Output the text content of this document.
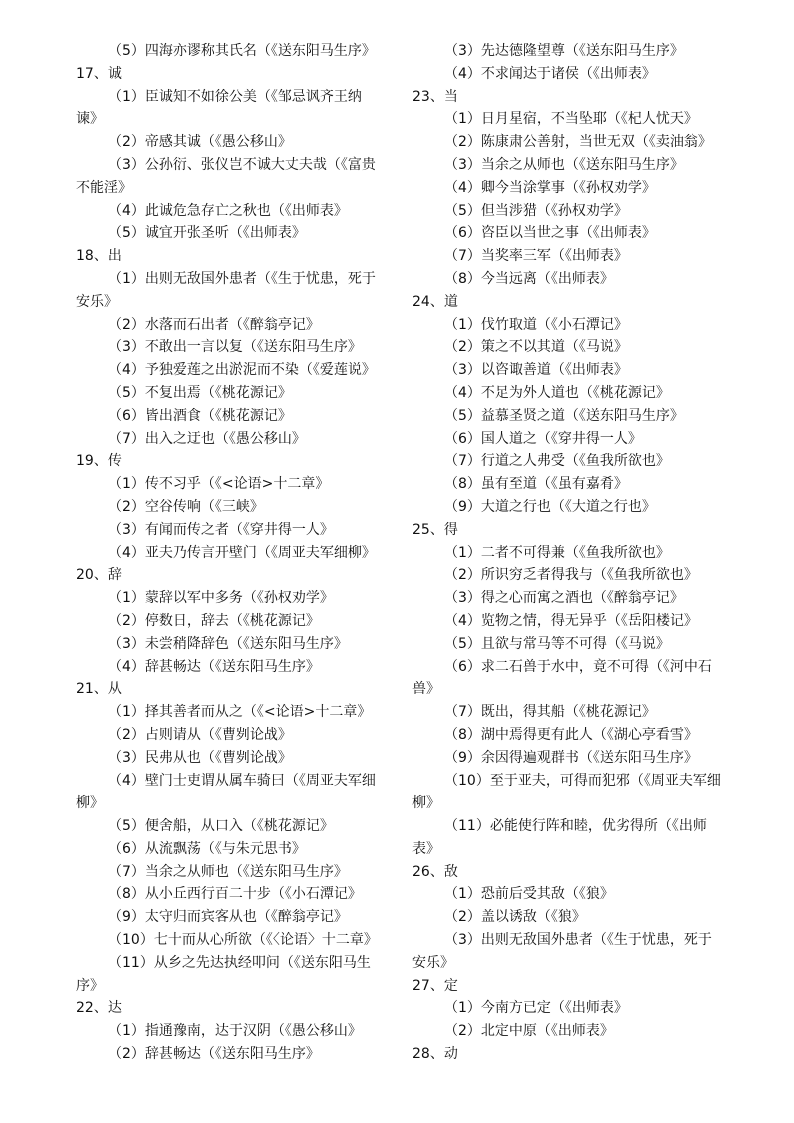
（5）四海亦谬称其氏名（《送东阳马生序》
17、诚
（1）臣诚知不如徐公美（《邹忌讽齐王纳
谏》
（2）帝感其诚（《愚公移山》
（3）公孙衍、张仪岂不诚大丈夫哉（《富贵
不能淫》
（4）此诚危急存亡之秋也（《出师表》
（5）诚宜开张圣听（《出师表》
18、出
（1）出则无敌国外患者（《生于忧患，死于
安乐》
（2）水落而石出者（《醉翁亭记》
（3）不敢出一言以复（《送东阳马生序》
（4）予独爱莲之出淤泥而不染（《爱莲说》
（5）不复出焉（《桃花源记》
（6）皆出酒食（《桃花源记》
（7）出入之迂也（《愚公移山》
19、传
（1）传不习乎（《<论语>十二章》
（2）空谷传响（《三峡》
（3）有闻而传之者（《穿井得一人》
（4）亚夫乃传言开壁门（《周亚夫军细柳》
20、辞
（1）蒙辞以军中多务（《孙权劝学》
（2）停数日，辞去（《桃花源记》
（3）未尝稍降辞色（《送东阳马生序》
（4）辞甚畅达（《送东阳马生序》
21、从
（1）择其善者而从之（《<论语>十二章》
（2）占则请从（《曹刿论战》
（3）民弗从也（《曹刿论战》
（4）壁门士吏谓从属车骑曰（《周亚夫军细
柳》
（5）便舍船，从口入（《桃花源记》
（6）从流飘荡（《与朱元思书》
（7）当余之从师也（《送东阳马生序》
（8）从小丘西行百二十步（《小石潭记》
（9）太守归而宾客从也（《醉翁亭记》
（10）七十而从心所欲（《〈论语〉十二章》
（11）从乡之先达执经叩问（《送东阳马生
序》
22、达
（1）指通豫南，达于汉阴（《愚公移山》
（2）辞甚畅达（《送东阳马生序》
（3）先达德隆望尊（《送东阳马生序》
（4）不求闻达于诸侯（《出师表》
23、当
（1）日月星宿，不当坠耶（《杞人忧天》
（2）陈康肃公善射，当世无双（《卖油翁》
（3）当余之从师也（《送东阳马生序》
（4）卿今当涂掌事（《孙权劝学》
（5）但当涉猎（《孙权劝学》
（6）咨臣以当世之事（《出师表》
（7）当奖率三军（《出师表》
（8）今当远离（《出师表》
24、道
（1）伐竹取道（《小石潭记》
（2）策之不以其道（《马说》
（3）以咨诹善道（《出师表》
（4）不足为外人道也（《桃花源记》
（5）益慕圣贤之道（《送东阳马生序》
（6）国人道之（《穿井得一人》
（7）行道之人弗受（《鱼我所欲也》
（8）虽有至道（《虽有嘉肴》
（9）大道之行也（《大道之行也》
25、得
（1）二者不可得兼（《鱼我所欲也》
（2）所识穷乏者得我与（《鱼我所欲也》
（3）得之心而寓之酒也（《醉翁亭记》
（4）览物之情，得无异乎（《岳阳楼记》
（5）且欲与常马等不可得（《马说》
（6）求二石兽于水中，竟不可得（《河中石
兽》
（7）既出，得其船（《桃花源记》
（8）湖中焉得更有此人（《湖心亭看雪》
（9）余因得遍观群书（《送东阳马生序》
（10）至于亚夫，可得而犯邪（《周亚夫军细
柳》
（11）必能使行阵和睦，优劣得所（《出师
表》
26、敌
（1）恐前后受其敌（《狼》
（2）盖以诱敌（《狼》
（3）出则无敌国外患者（《生于忧患，死于
安乐》
27、定
（1）今南方已定（《出师表》
（2）北定中原（《出师表》
28、动
